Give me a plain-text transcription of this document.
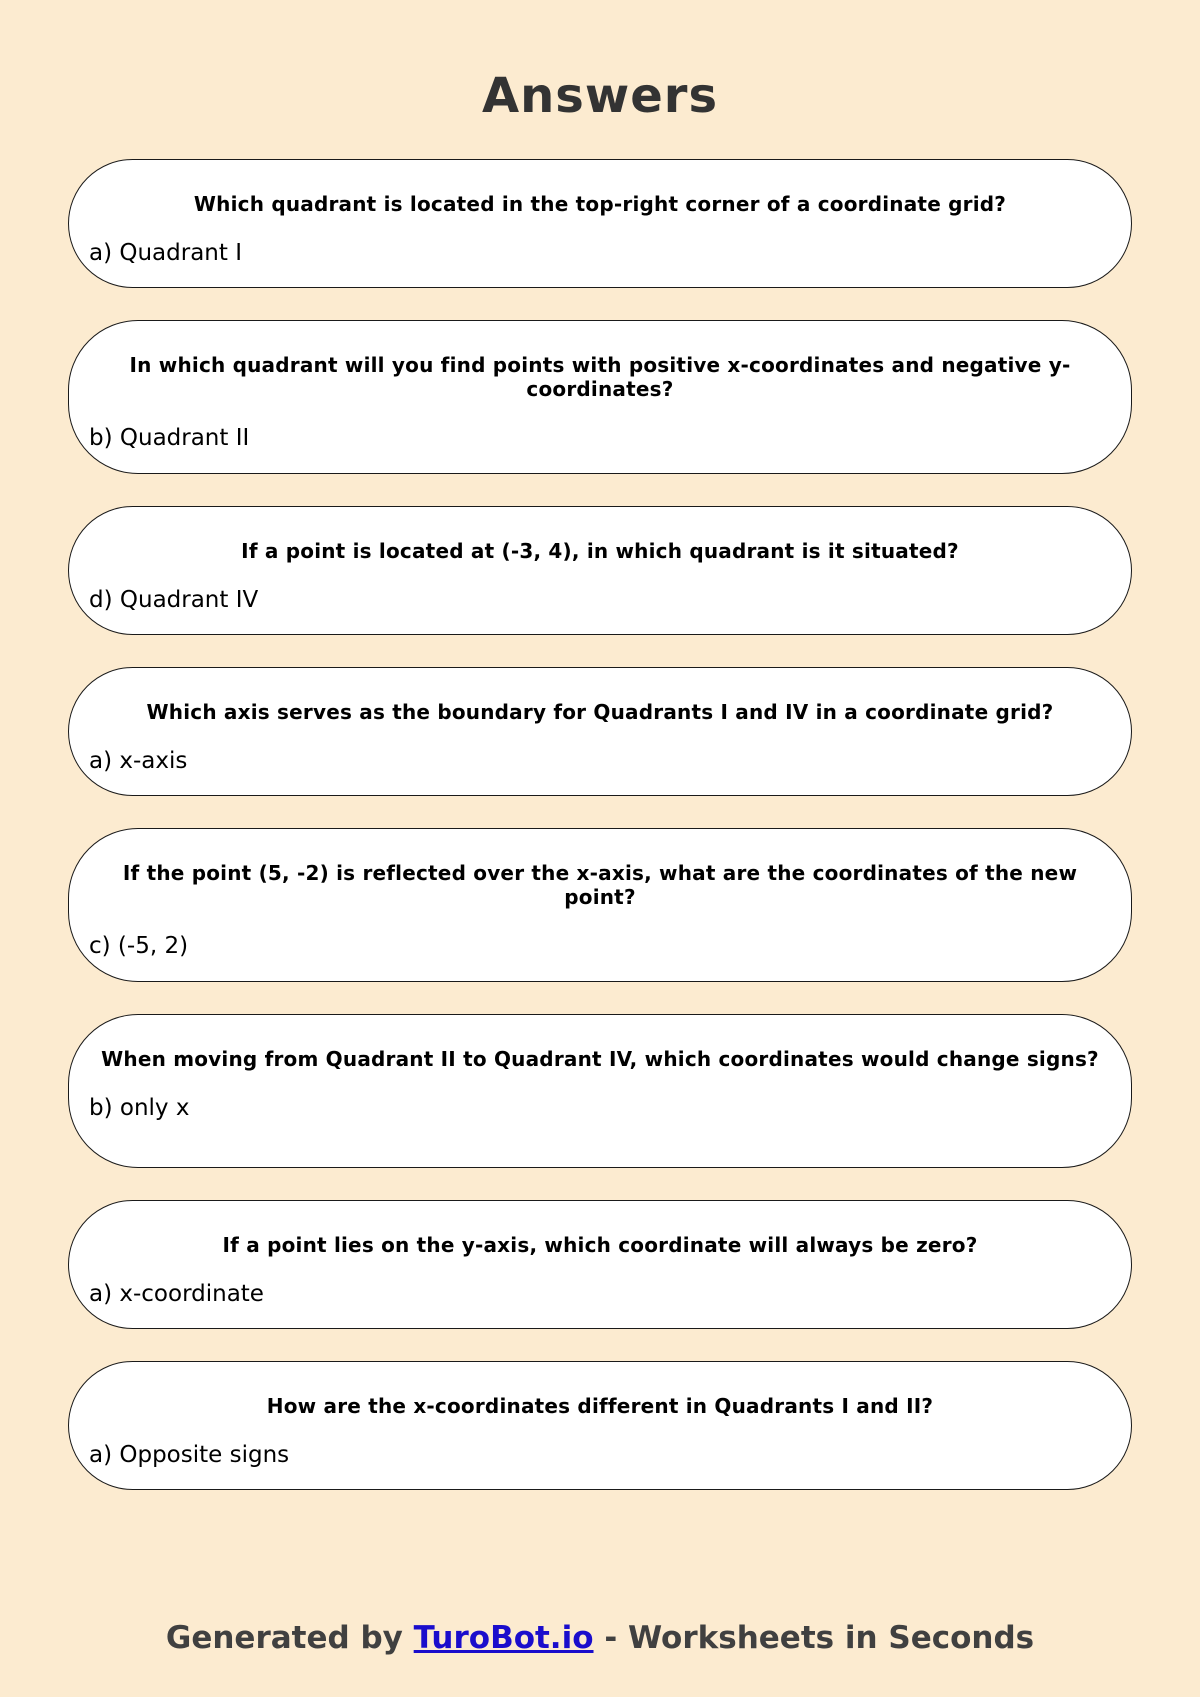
Answers
Which quadrant is located in the top-right corner of a coordinate grid?
a) Quadrant I
In which quadrant will you find points with positive x-coordinates and negative y-coordinates?
b) Quadrant II
If a point is located at (-3, 4), in which quadrant is it situated?
d) Quadrant IV
Which axis serves as the boundary for Quadrants I and IV in a coordinate grid?
a) x-axis
If the point (5, -2) is reflected over the x-axis, what are the coordinates of the new point?
c) (-5, 2)
When moving from Quadrant II to Quadrant IV, which coordinates would change signs?
b) only x
If a point lies on the y-axis, which coordinate will always be zero?
a) x-coordinate
How are the x-coordinates different in Quadrants I and II?
a) Opposite signs
Generated by TuroBot.io - Worksheets in Seconds
